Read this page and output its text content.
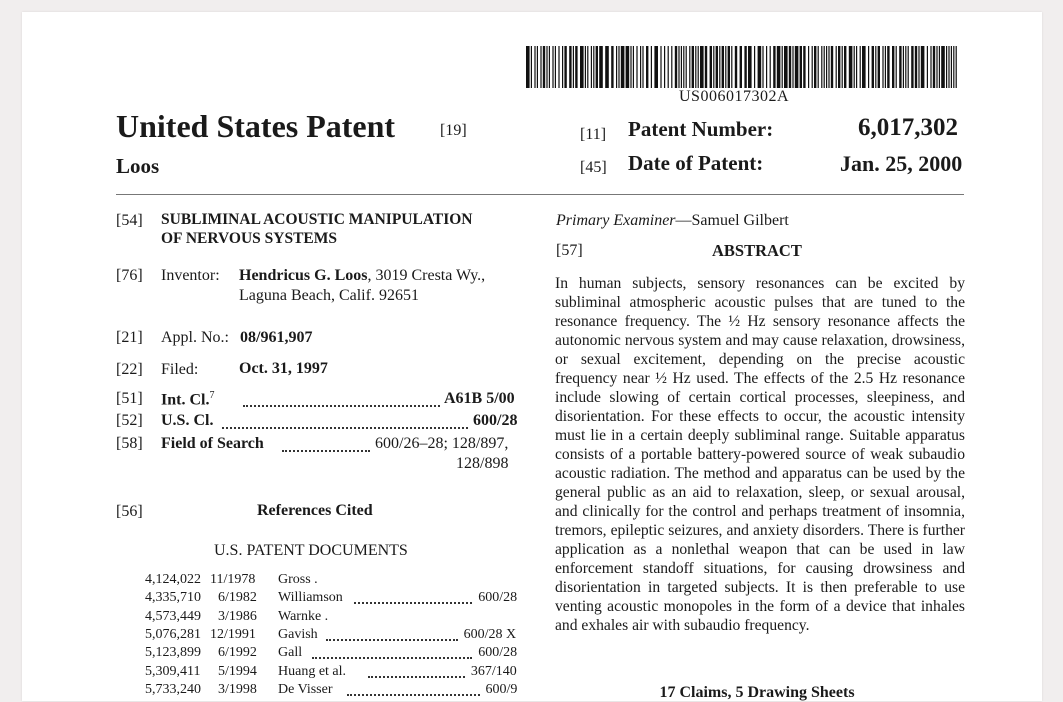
US006017302A
United States Patent	[19]
Loos
[11] Patent Number:	6,017,302
[45] Date of Patent:	Jan. 25, 2000
[54] SUBLIMINAL ACOUSTIC MANIPULATION
OF NERVOUS SYSTEMS
[76] Inventor: Hendricus G. Loos, 3019 Cresta Wy.,
Laguna Beach, Calif. 92651
[21] Appl. No.: 08/961,907
[22] Filed:	Oct. 31, 1997
[51] Int. Cl.$^7$	A61B 5/00
[52] U.S. Cl.	600/28
[58] Field of Search	600/26–28; 128/897,
128/898
[56]	References Cited
U.S. PATENT DOCUMENTS
4,124,022 11/1978 Gross .
4,335,710 6/1982 Williamson	600/28
4,573,449 3/1986 Warnke .
5,076,281 12/1991 Gavish	600/28 X
5,123,899 6/1992 Gall	600/28
5,309,411 5/1994 Huang et al.	367/140
5,733,240 3/1998 De Visser	600/9
Primary Examiner—Samuel Gilbert
[57]	ABSTRACT
In human subjects, sensory resonances can be excited by subliminal atmospheric acoustic pulses that are tuned to the resonance frequency. The ½ Hz sensory resonance affects the autonomic nervous system and may cause relaxation, drowsiness, or sexual excitement, depending on the precise acoustic frequency near ½ Hz used. The effects of the 2.5 Hz resonance include slowing of certain cortical processes, sleepiness, and disorientation. For these effects to occur, the acoustic intensity must lie in a certain deeply subliminal range. Suitable apparatus consists of a portable battery-powered source of weak subaudio acoustic radiation. The method and apparatus can be used by the general public as an aid to relaxation, sleep, or sexual arousal, and clinically for the control and perhaps treatment of insomnia, tremors, epileptic seizures, and anxiety disorders. There is further application as a nonlethal weapon that can be used in law enforcement standoff situations, for causing drowsiness and disorientation in targeted subjects. It is then preferable to use venting acoustic monopoles in the form of a device that inhales and exhales air with subaudio frequency.
17 Claims, 5 Drawing Sheets
